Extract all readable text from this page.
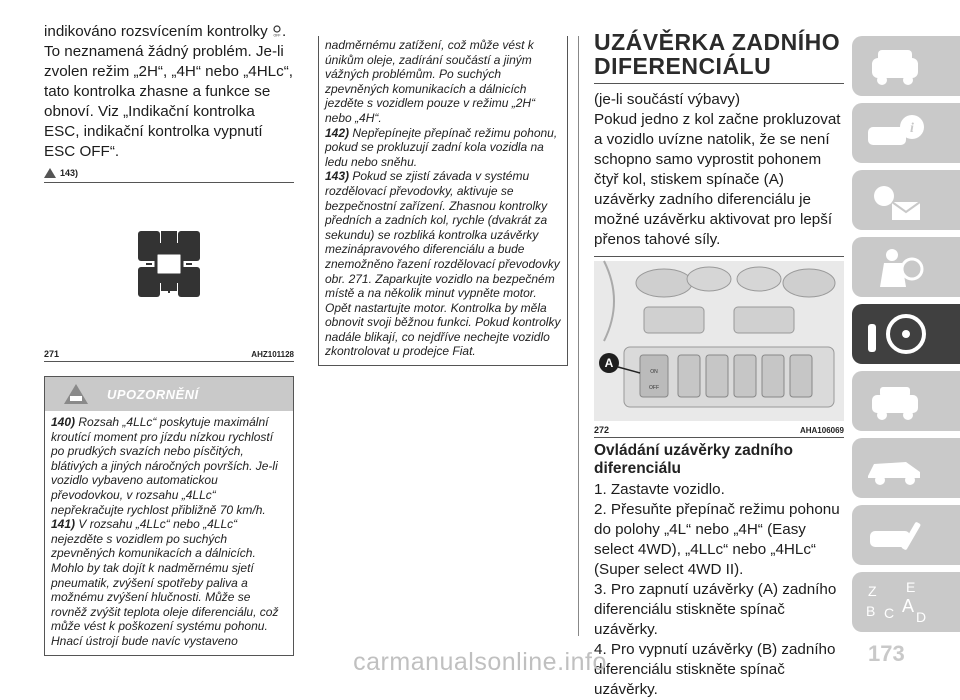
indikováno rozsvícením kontrolky OFF . To neznamená žádný problém. Je-li zvolen režim „2H“, „4H“ nebo „4HLc“, tato kontrolka zhasne a funkce se obnoví. Viz „Indikační kontrolka ESC, indikační kontrolka vypnutí ESC OFF“.
143)
271	AHZ101128
UPOZORNĚNÍ

140) Rozsah „4LLc“ poskytuje maximální kroutící moment pro jízdu nízkou rychlostí po prudkých svazích nebo písčitých, blátivých a jiných náročných površích. Je-li vozidlo vybaveno automatickou převodovkou, v rozsahu „4LLc“ nepřekračujte rychlost přibližně 70 km/h.

141) V rozsahu „4LLc“ nebo „4LLc“ nejezděte s vozidlem po suchých zpevněných komunikacích a dálnicích. Mohlo by tak dojít k nadměrnému sjetí pneumatik, zvýšení spotřeby paliva a možnému zvýšení hlučnosti. Může se rovněž zvýšit teplota oleje diferenciálu, což může vést k poškození systému pohonu. Hnací ústrojí bude navíc vystaveno

nadměrnému zatížení, což může vést k únikům oleje, zadírání součástí a jiným vážných problémům. Po suchých zpevněných komunikacích a dálnicích jezděte s vozidlem pouze v režimu „2H“ nebo „4H“.

142) Nepřepínejte přepínač režimu pohonu, pokud se prokluzují zadní kola vozidla na ledu nebo sněhu.

143) Pokud se zjistí závada v systému rozdělovací převodovky, aktivuje se bezpečnostní zařízení. Zhasnou kontrolky předních a zadních kol, rychle (dvakrát za sekundu) se rozbliká kontrolka uzávěrky mezinápravového diferenciálu a bude znemožněno řazení rozdělovací převodovky obr. 271. Zaparkujte vozidlo na bezpečném místě a na několik minut vypněte motor. Opět nastartujte motor. Kontrolka by měla obnovit svoji běžnou funkci. Pokud kontrolky nadále blikají, co nejdříve nechejte vozidlo zkontrolovat u prodejce Fiat.

UZÁVĚRKA ZADNÍHO
DIFERENCIÁLU

(je-li součástí výbavy)

Pokud jedno z kol začne prokluzovat a vozidlo uvízne natolik, že se není schopno samo vyprostit pohonem čtyř kol, stiskem spínače (A) uzávěrky zadního diferenciálu je možné uzávěrku aktivovat pro lepší přenos tahové síly.

A
ON
OFF
272	AHA106069
Ovládání uzávěrky zadního diferenciálu

1. Zastavte vozidlo.

2. Přesuňte přepínač režimu pohonu do polohy „4L“ nebo „4H“ (Easy select 4WD), „4LLc“ nebo „4HLc“ (Super select 4WD II).

3. Pro zapnutí uzávěrky (A) zadního diferenciálu stiskněte spínač uzávěrky.

4. Pro vypnutí uzávěrky (B) zadního diferenciálu stiskněte spínač uzávěrky.

i
Z E
B C A
D
173
carmanualsonline.info
